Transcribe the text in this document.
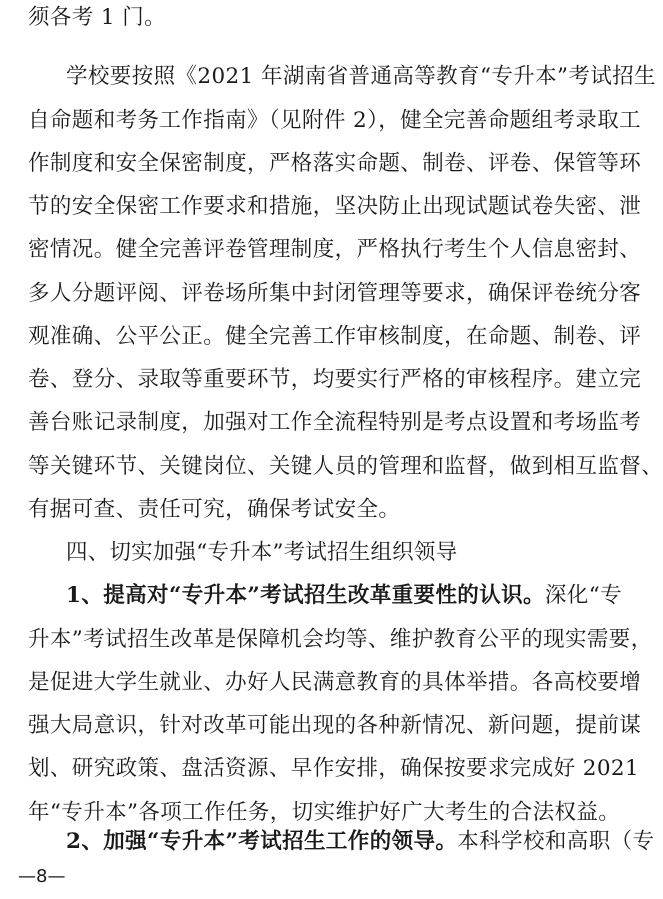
须各考 1 门。
学校要按照《2021 年湖南省普通高等教育“专升本”考试招生
自命题和考务工作指南》（见附件 2），健全完善命题组考录取工
作制度和安全保密制度，严格落实命题、制卷、评卷、保管等环
节的安全保密工作要求和措施，坚决防止出现试题试卷失密、泄
密情况。健全完善评卷管理制度，严格执行考生个人信息密封、
多人分题评阅、评卷场所集中封闭管理等要求，确保评卷统分客
观准确、公平公正。健全完善工作审核制度，在命题、制卷、评
卷、登分、录取等重要环节，均要实行严格的审核程序。建立完
善台账记录制度，加强对工作全流程特别是考点设置和考场监考
等关键环节、关键岗位、关键人员的管理和监督，做到相互监督、
有据可查、责任可究，确保考试安全。
四、切实加强“专升本”考试招生组织领导
1、提高对“专升本”考试招生改革重要性的认识。深化“专
升本”考试招生改革是保障机会均等、维护教育公平的现实需要，
是促进大学生就业、办好人民满意教育的具体举措。各高校要增
强大局意识，针对改革可能出现的各种新情况、新问题，提前谋
划、研究政策、盘活资源、早作安排，确保按要求完成好 2021
年“专升本”各项工作任务，切实维护好广大考生的合法权益。
2、加强“专升本”考试招生工作的领导。本科学校和高职（专
—8—
